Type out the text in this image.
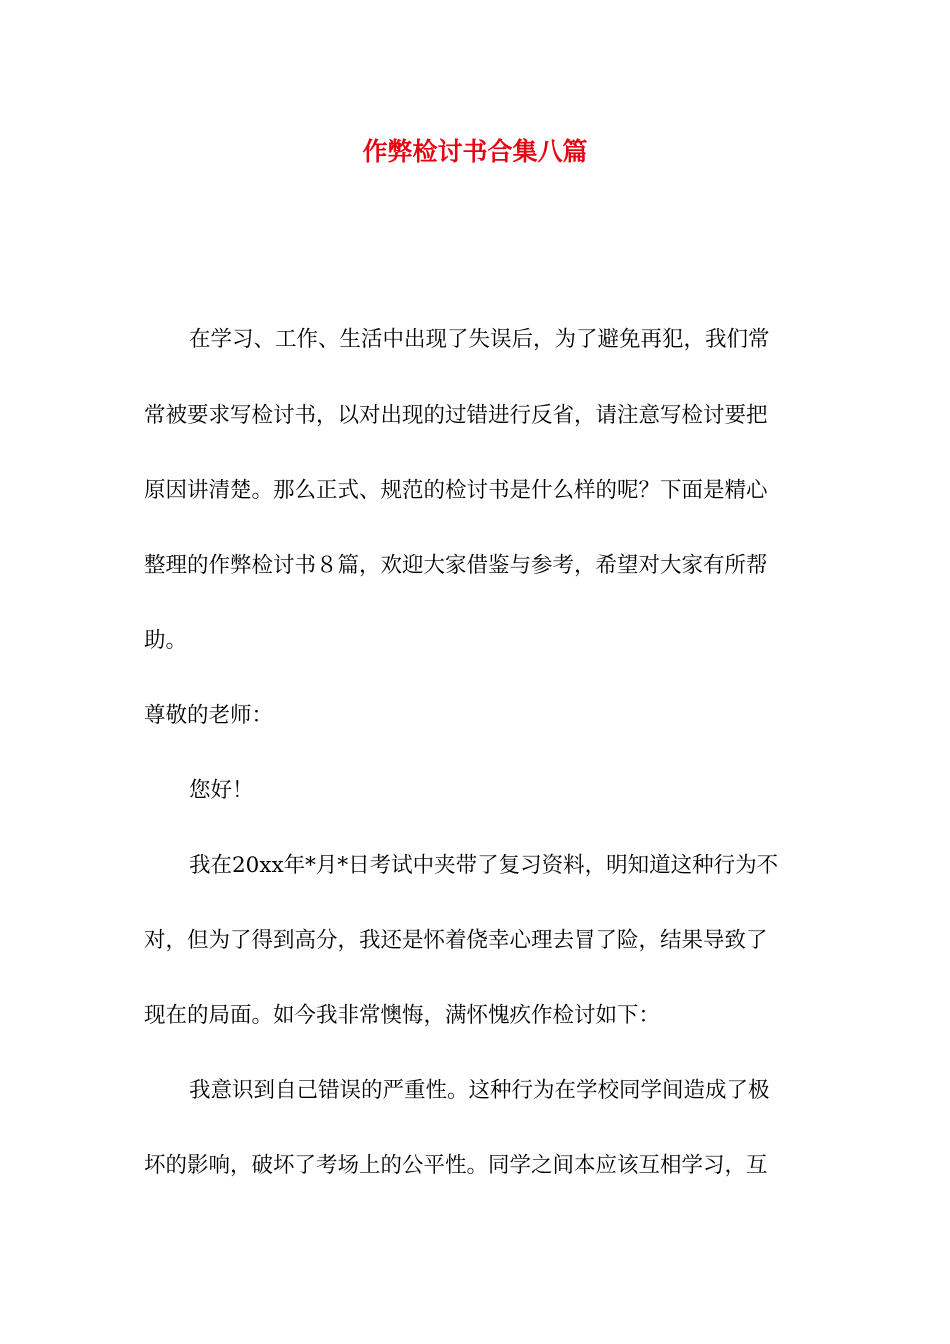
作弊检讨书合集八篇

在学习、工作、生活中出现了失误后，为了避免再犯，我们常

常被要求写检讨书，以对出现的过错进行反省，请注意写检讨要把

原因讲清楚。那么正式、规范的检讨书是什么样的呢？下面是精心

整理的作弊检讨书８篇，欢迎大家借鉴与参考，希望对大家有所帮

助。

尊敬的老师：

您好！

我在20xx年*月*日考试中夹带了复习资料，明知道这种行为不

对，但为了得到高分，我还是怀着侥幸心理去冒了险，结果导致了

现在的局面。如今我非常懊悔，满怀愧疚作检讨如下：

我意识到自己错误的严重性。这种行为在学校同学间造成了极

坏的影响，破坏了考场上的公平性。同学之间本应该互相学习，互
